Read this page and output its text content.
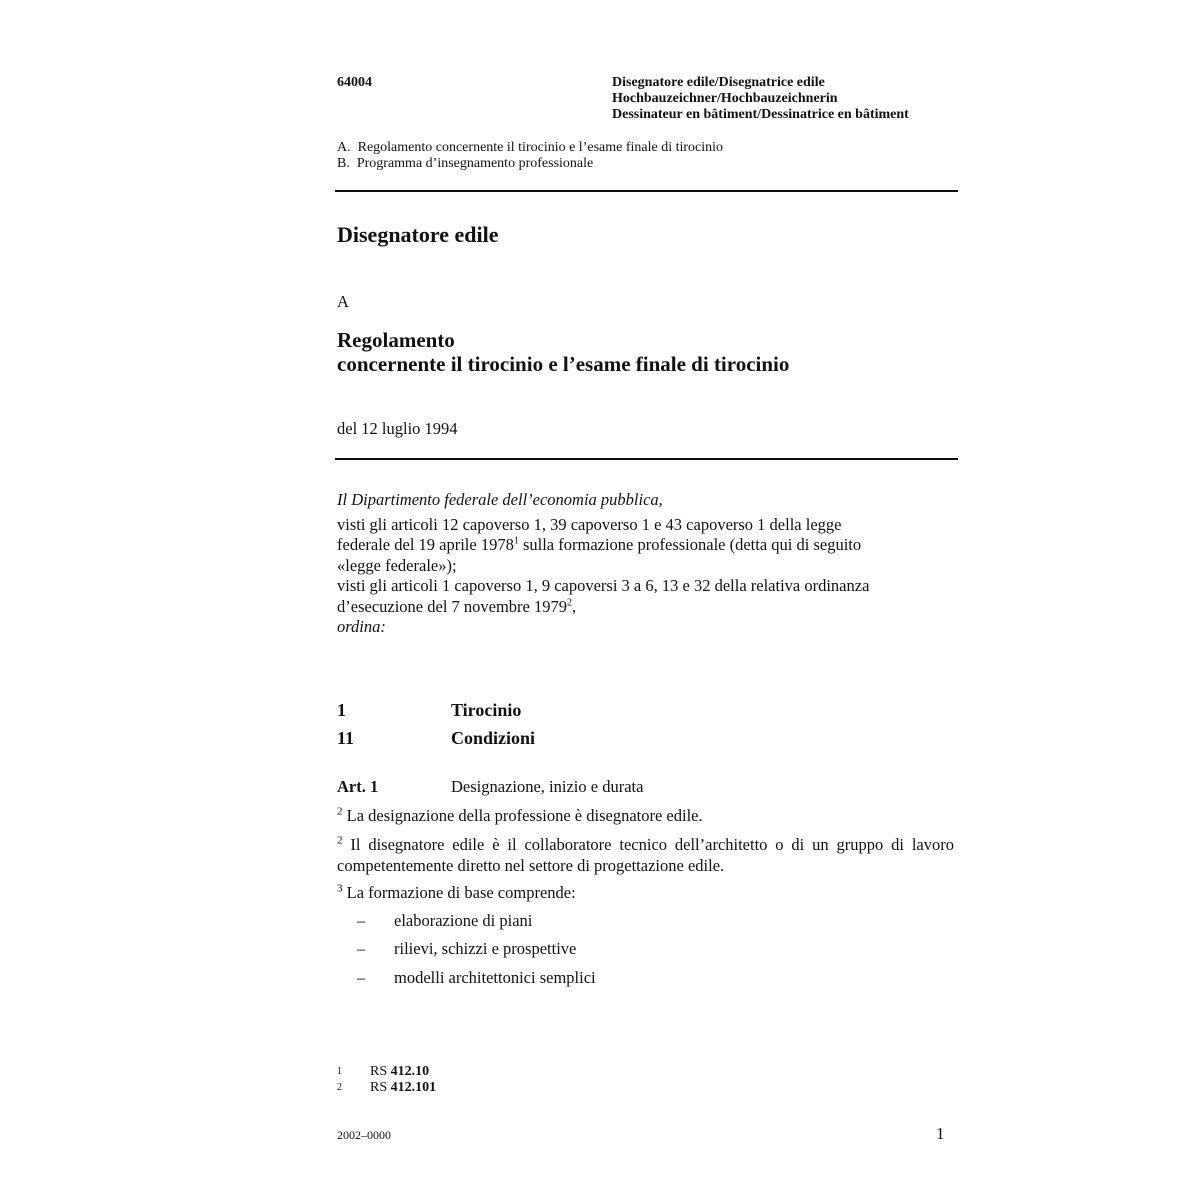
64004	Disegnatore edile/Disegnatrice edile
Hochbauzeichner/Hochbauzeichnerin
Dessinateur en bâtiment/Dessinatrice en bâtiment
A.  Regolamento concernente il tirocinio e l’esame finale di tirocinio
B.  Programma d’insegnamento professionale
Disegnatore edile
A
Regolamento
concernente il tirocinio e l’esame finale di tirocinio
del 12 luglio 1994
Il Dipartimento federale dell’economia pubblica,
visti gli articoli 12 capoverso 1, 39 capoverso 1 e 43 capoverso 1 della legge
federale del 19 aprile 1978$^1$ sulla formazione professionale (detta qui di seguito
«legge federale»);
visti gli articoli 1 capoverso 1, 9 capoversi 3 a 6, 13 e 32 della relativa ordinanza
d’esecuzione del 7 novembre 1979$^2$,
ordina:
1	Tirocinio
11	Condizioni
Art. 1	Designazione, inizio e durata
$^2$ La designazione della professione è disegnatore edile.
$^2$ Il disegnatore edile è il collaboratore tecnico dell’architetto o di un gruppo di lavoro competentemente diretto nel settore di progettazione edile.
$^3$ La formazione di base comprende:
– elaborazione di piani
– rilievi, schizzi e prospettive
– modelli architettonici semplici
1 RS 412.10
2 RS 412.101
2002–0000	1
